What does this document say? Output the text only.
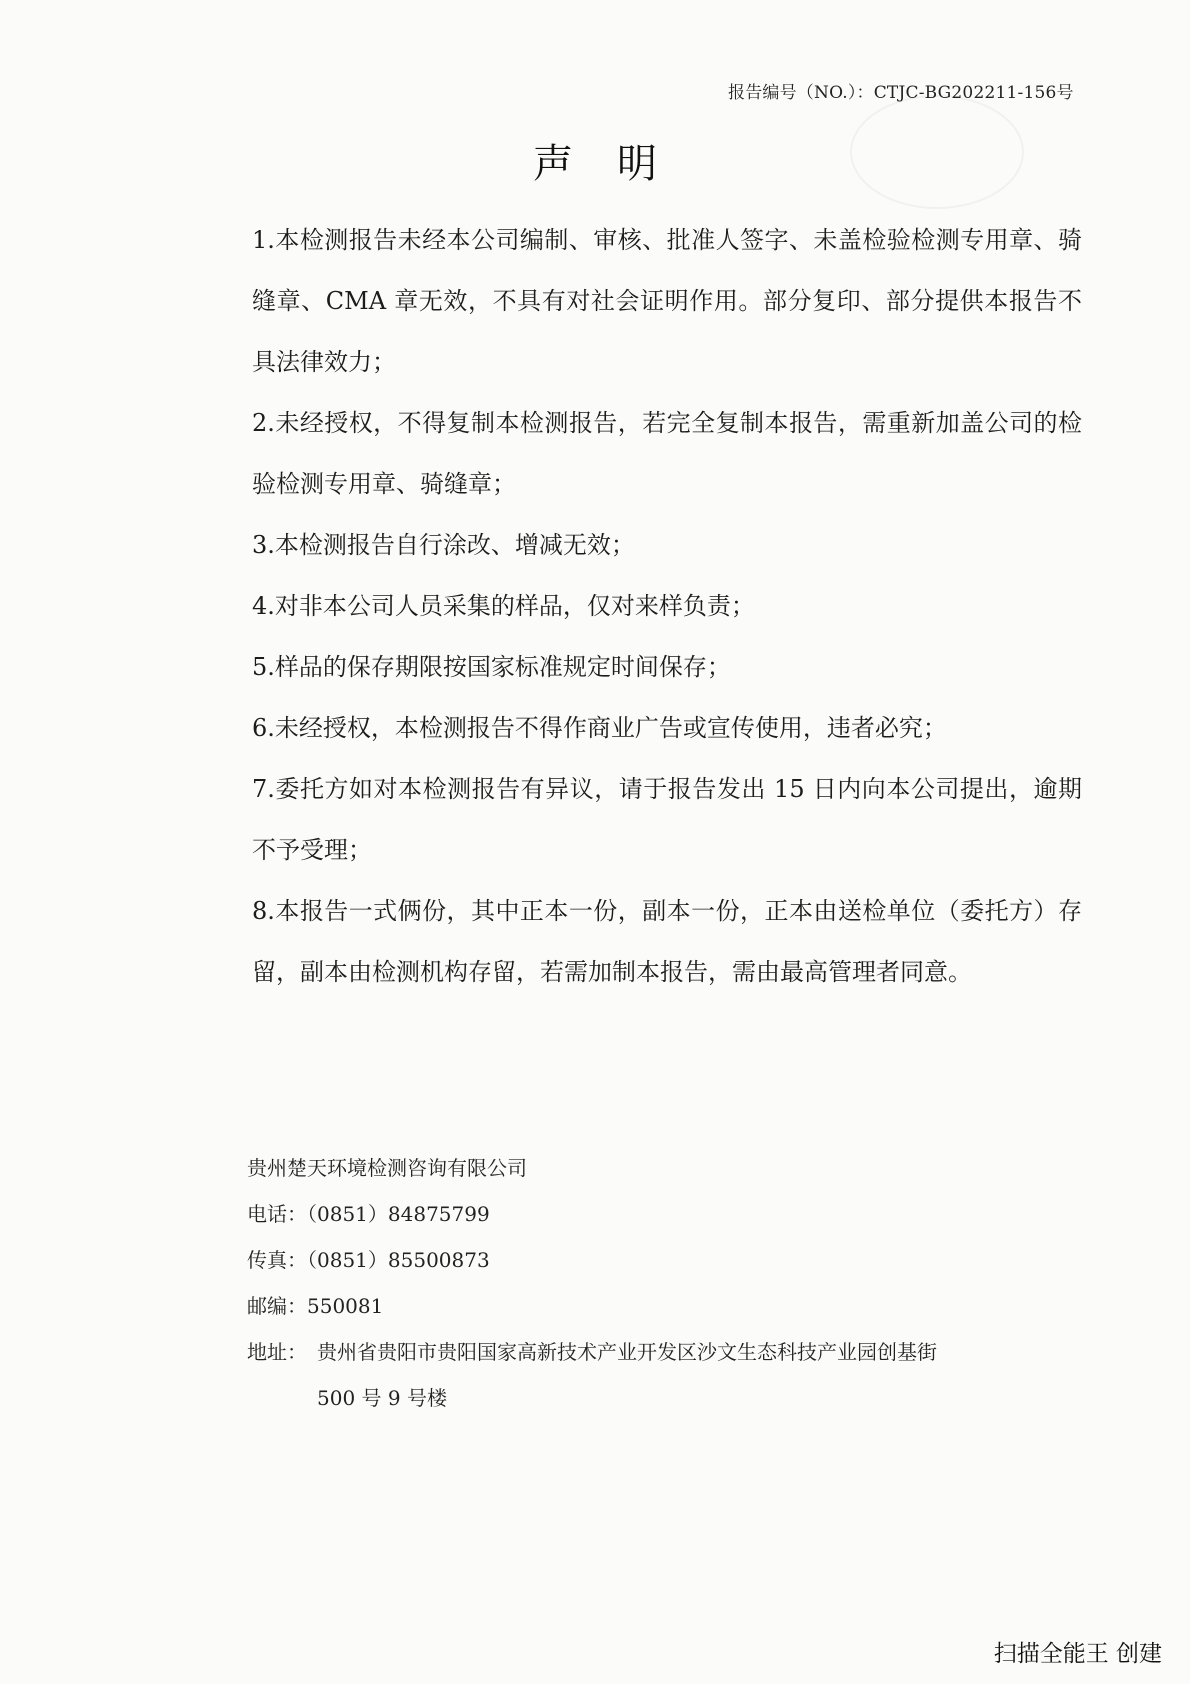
报告编号（NO.）：CTJC-BG202211-156号
声明

1.本检测报告未经本公司编制、审核、批准人签字、未盖检验检测专用章、骑缝章、CMA 章无效，不具有对社会证明作用。部分复印、部分提供本报告不具法律效力；

2.未经授权，不得复制本检测报告，若完全复制本报告，需重新加盖公司的检验检测专用章、骑缝章；

3.本检测报告自行涂改、增减无效；

4.对非本公司人员采集的样品，仅对来样负责；

5.样品的保存期限按国家标准规定时间保存；

6.未经授权，本检测报告不得作商业广告或宣传使用，违者必究；

7.委托方如对本检测报告有异议，请于报告发出 15 日内向本公司提出，逾期不予受理；

8.本报告一式俩份，其中正本一份，副本一份，正本由送检单位（委托方）存留，副本由检测机构存留，若需加制本报告，需由最高管理者同意。

贵州楚天环境检测咨询有限公司
电话：（0851）84875799
传真：（0851）85500873
邮编：550081
地址： 贵州省贵阳市贵阳国家高新技术产业开发区沙文生态科技产业园创基街
500 号 9 号楼
扫描全能王 创建
